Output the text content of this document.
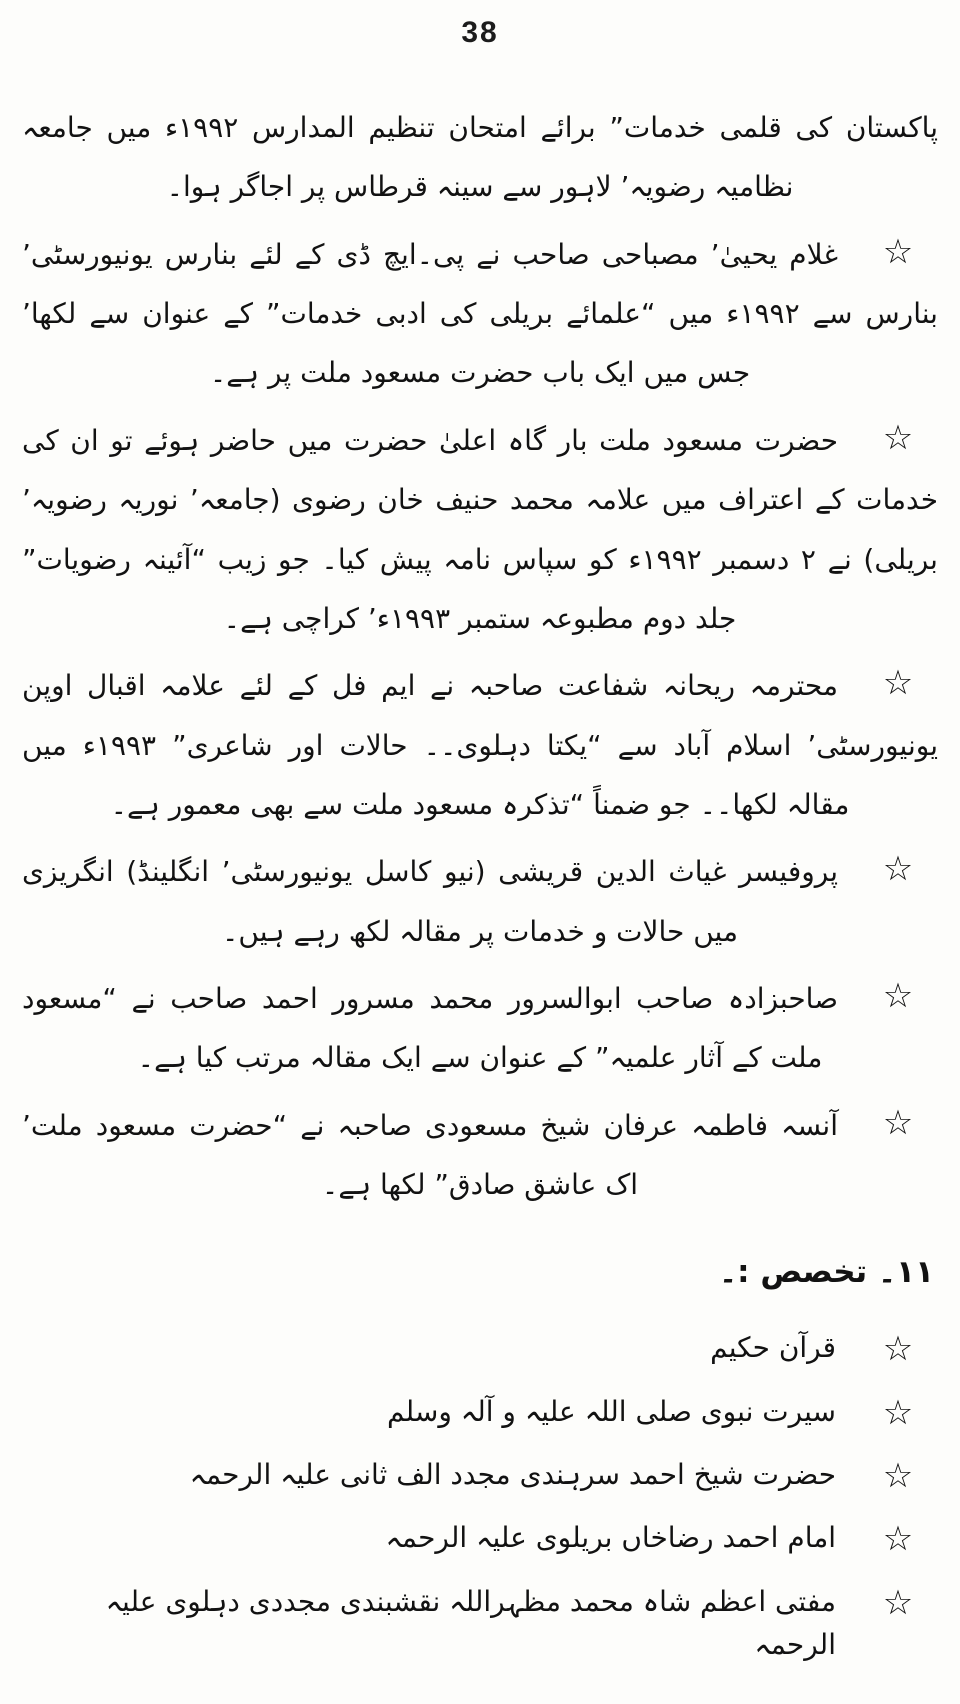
38

پاکستان کی قلمی خدمات” برائے امتحان تنظیم المدارس ۱۹۹۲ء میں جامعہ نظامیہ رضویہ’ لاہور سے سینہ قرطاس پر اجاگر ہوا۔

☆

غلام یحییٰ’ مصباحی صاحب نے پی۔ایچ ڈی کے لئے بنارس یونیورسٹی’ بنارس سے ۱۹۹۲ء میں “علمائے بریلی کی ادبی خدمات” کے عنوان سے لکھا’ جس میں ایک باب حضرت مسعود ملت پر ہے۔

☆

حضرت مسعود ملت بار گاہ اعلیٰ حضرت میں حاضر ہوئے تو ان کی خدمات کے اعتراف میں علامہ محمد حنیف خان رضوی (جامعہ’ نوریہ رضویہ’ بریلی) نے ۲ دسمبر ۱۹۹۲ء کو سپاس نامہ پیش کیا۔ جو زیب “آئینہ رضویات” جلد دوم مطبوعہ ستمبر ۱۹۹۳ء’ کراچی ہے۔

☆

محترمہ ریحانہ شفاعت صاحبہ نے ایم فل کے لئے علامہ اقبال اوپن یونیورسٹی’ اسلام آباد سے “یکتا دہلوی۔۔ حالات اور شاعری” ۱۹۹۳ء میں مقالہ لکھا۔۔ جو ضمناً “تذکرہ مسعود ملت سے بھی معمور ہے۔

☆

پروفیسر غیاث الدین قریشی (نیو کاسل یونیورسٹی’ انگلینڈ) انگریزی میں حالات و خدمات پر مقالہ لکھ رہے ہیں۔

☆

صاحبزادہ صاحب ابوالسرور محمد مسرور احمد صاحب نے “مسعود ملت کے آثار علمیہ” کے عنوان سے ایک مقالہ مرتب کیا ہے۔

☆

آنسہ فاطمہ عرفان شیخ مسعودی صاحبہ نے “حضرت مسعود ملت’ اک عاشق صادق” لکھا ہے۔

۱۱۔ تخصص :۔
☆
قرآن حکیم
☆
سیرت نبوی صلی اللہ علیہ و آلہ وسلم
☆
حضرت شیخ احمد سرہندی مجدد الف ثانی علیہ الرحمہ
☆
امام احمد رضاخاں بریلوی علیہ الرحمہ
☆
مفتی اعظم شاہ محمد مظہراللہ نقشبندی مجددی دہلوی علیہ الرحمہ
